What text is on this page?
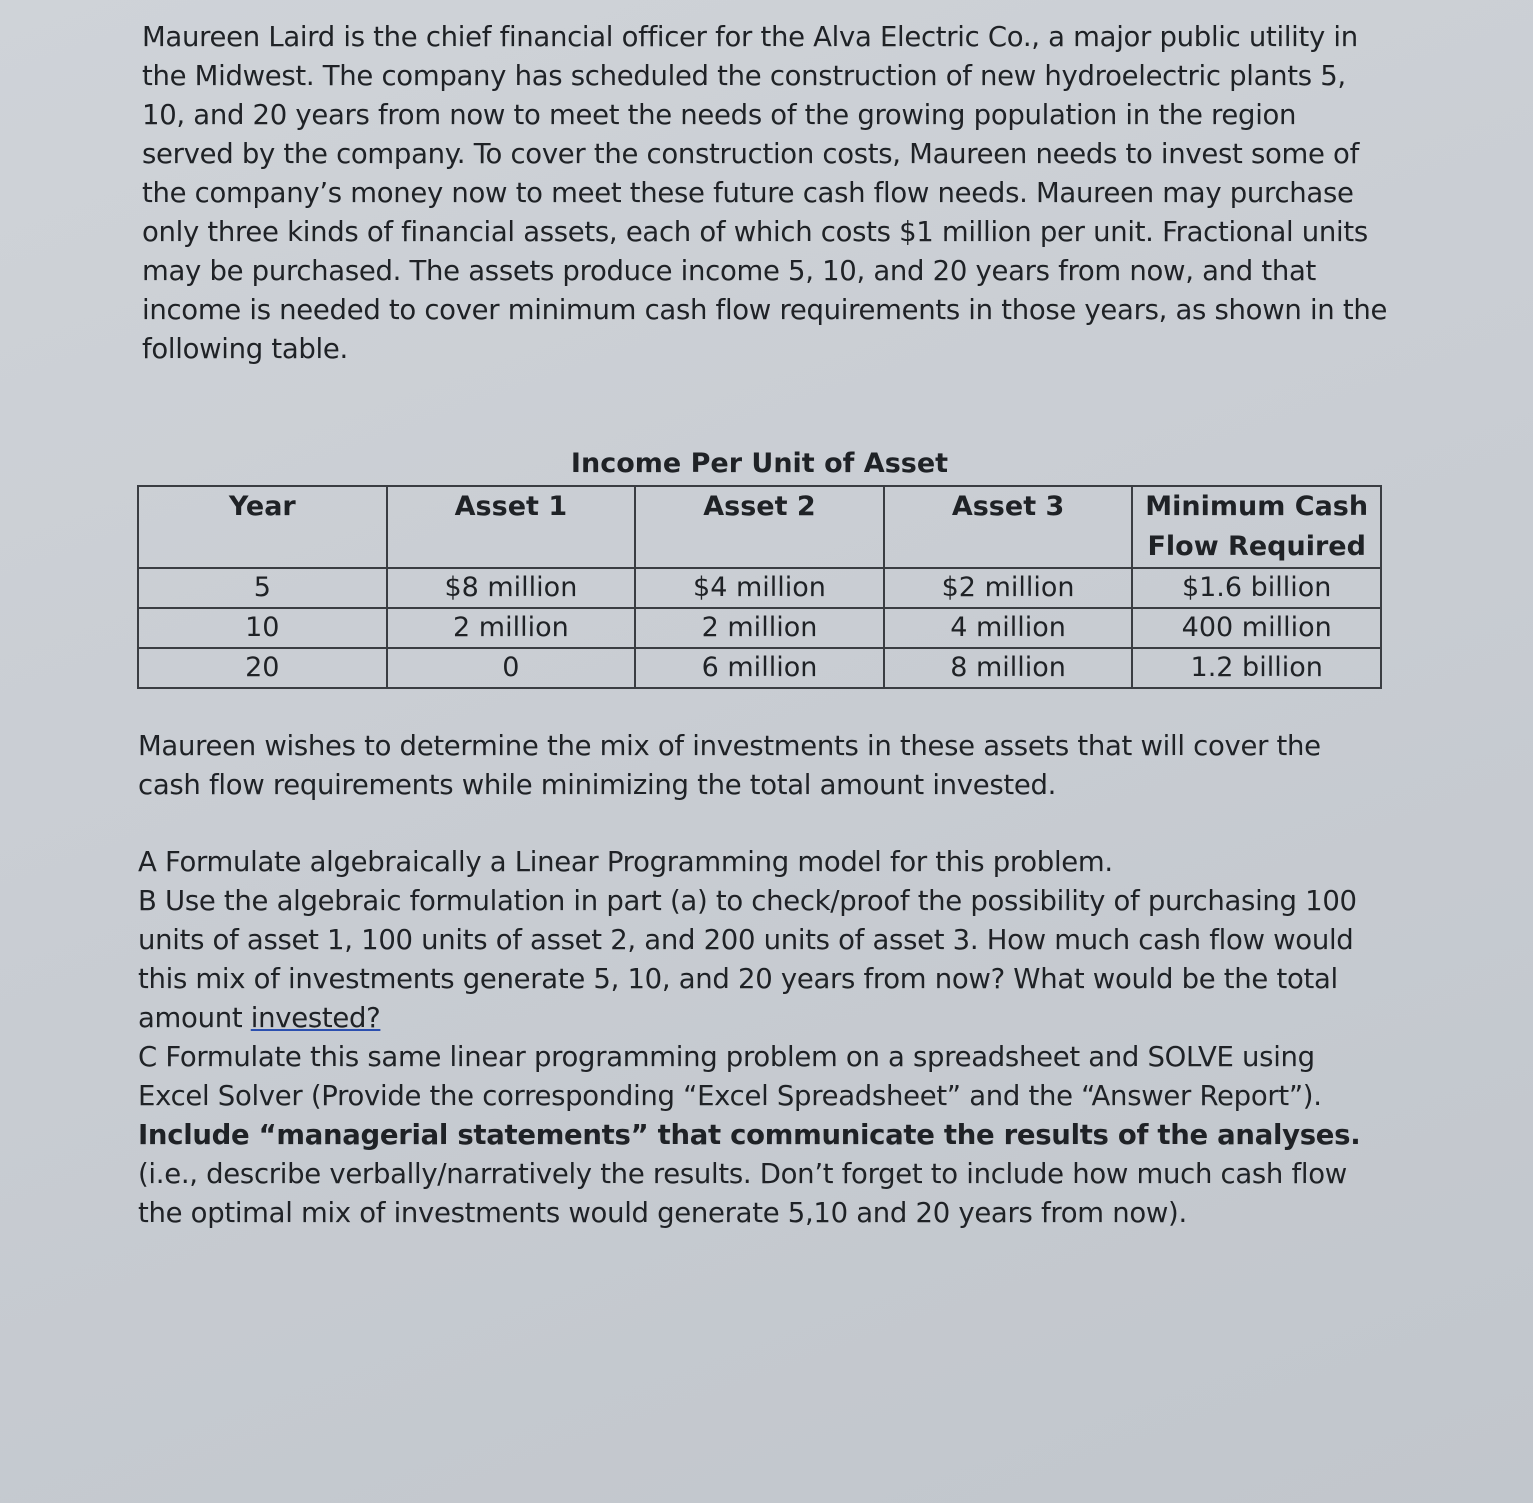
Maureen Laird is the chief financial officer for the Alva Electric Co., a major public utility in the Midwest. The company has scheduled the construction of new hydroelectric plants 5, 10, and 20 years from now to meet the needs of the growing population in the region served by the company. To cover the construction costs, Maureen needs to invest some of the company’s money now to meet these future cash flow needs. Maureen may purchase only three kinds of financial assets, each of which costs $1 million per unit. Fractional units may be purchased. The assets produce income 5, 10, and 20 years from now, and that income is needed to cover minimum cash flow requirements in those years, as shown in the following table.

Income Per Unit of Asset

Year	Asset 1	Asset 2	Asset 3	Minimum Cash Flow Required
5	$8 million	$4 million	$2 million	$1.6 billion
10	2 million	2 million	4 million	400 million
20	0	6 million	8 million	1.2 billion

Maureen wishes to determine the mix of investments in these assets that will cover the cash flow requirements while minimizing the total amount invested.

A Formulate algebraically a Linear Programming model for this problem.
B Use the algebraic formulation in part (a) to check/proof the possibility of purchasing 100 units of asset 1, 100 units of asset 2, and 200 units of asset 3. How much cash flow would this mix of investments generate 5, 10, and 20 years from now? What would be the total amount invested?
C Formulate this same linear programming problem on a spreadsheet and SOLVE using Excel Solver (Provide the corresponding “Excel Spreadsheet” and the “Answer Report”). Include “managerial statements” that communicate the results of the analyses. (i.e., describe verbally/narratively the results. Don’t forget to include how much cash flow the optimal mix of investments would generate 5,10 and 20 years from now).
